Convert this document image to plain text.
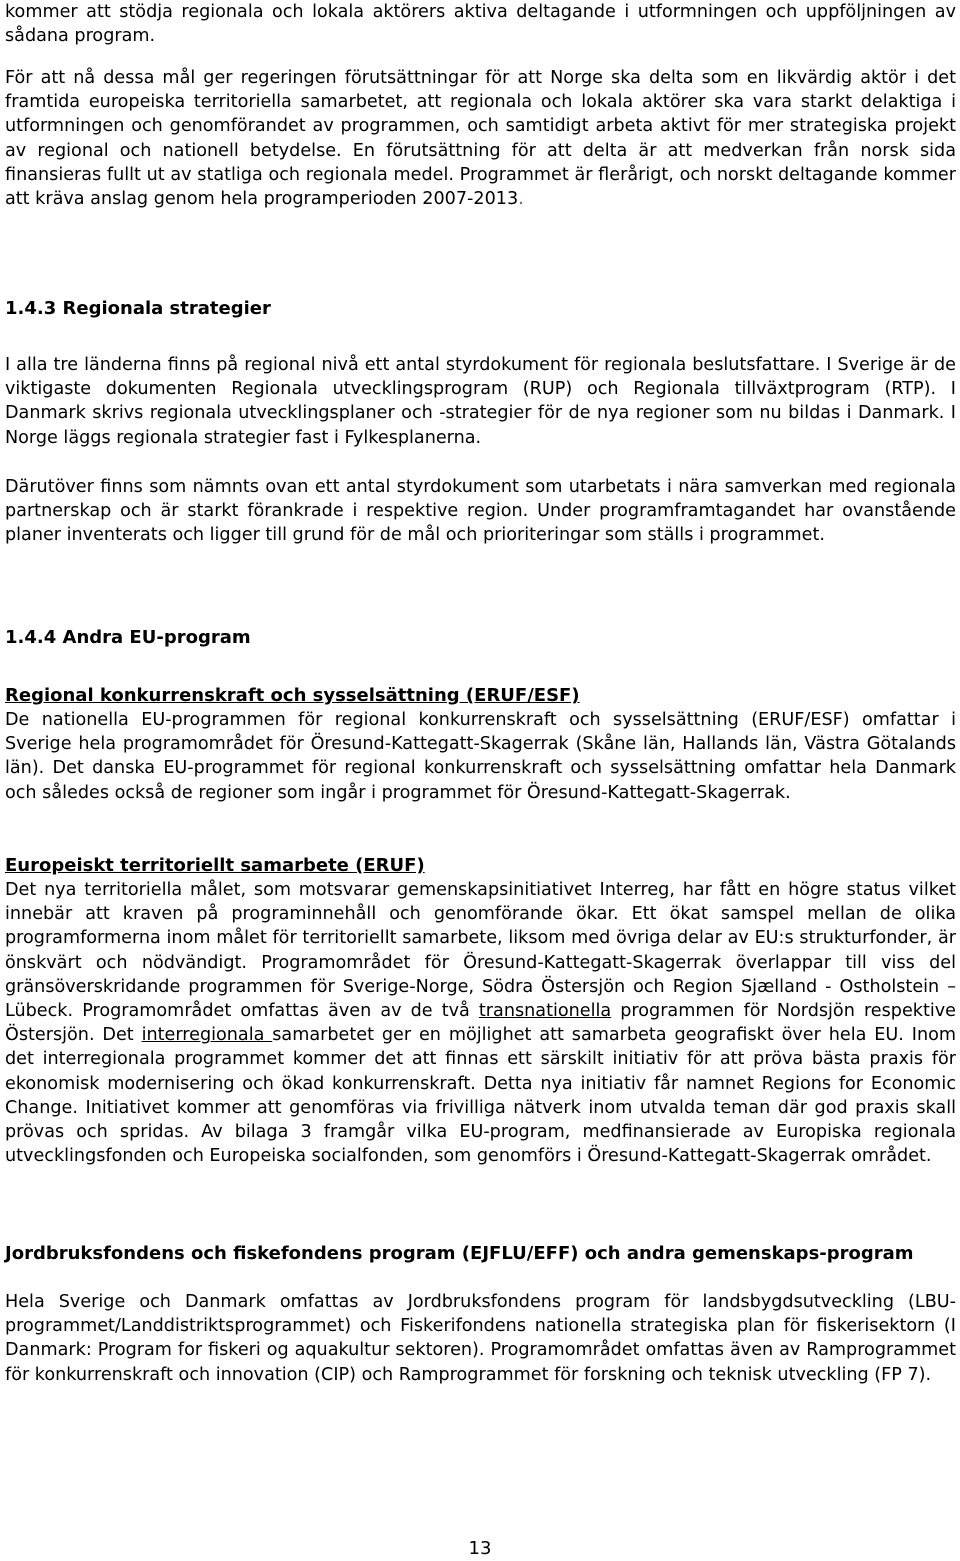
kommer att stödja regionala och lokala aktörers aktiva deltagande i utformningen och uppföljningen av sådana program.

För att nå dessa mål ger regeringen förutsättningar för att Norge ska delta som en likvärdig aktör i det framtida europeiska territoriella samarbetet, att regionala och lokala aktörer ska vara starkt delaktiga i utformningen och genomförandet av programmen, och samtidigt arbeta aktivt för mer strategiska projekt av regional och nationell betydelse. En förutsättning för att delta är att medverkan från norsk sida finansieras fullt ut av statliga och regionala medel. Programmet är flerårigt, och norskt deltagande kommer att kräva anslag genom hela programperioden 2007-2013.

1.4.3 Regionala strategier

I alla tre länderna finns på regional nivå ett antal styrdokument för regionala beslutsfattare. I Sverige är de viktigaste dokumenten Regionala utvecklingsprogram (RUP) och Regionala tillväxtprogram (RTP). I Danmark skrivs regionala utvecklingsplaner och -strategier för de nya regioner som nu bildas i Danmark. I Norge läggs regionala strategier fast i Fylkesplanerna.

Därutöver finns som nämnts ovan ett antal styrdokument som utarbetats i nära samverkan med regionala partnerskap och är starkt förankrade i respektive region. Under programframtagandet har ovanstående planer inventerats och ligger till grund för de mål och prioriteringar som ställs i programmet.

1.4.4 Andra EU-program
Regional konkurrenskraft och sysselsättning (ERUF/ESF)

De nationella EU-programmen för regional konkurrenskraft och sysselsättning (ERUF/ESF) omfattar i Sverige hela programområdet för Öresund-Kattegatt-Skagerrak (Skåne län, Hallands län, Västra Götalands län). Det danska EU-programmet för regional konkurrenskraft och sysselsättning omfattar hela Danmark och således också de regioner som ingår i programmet för Öresund-Kattegatt-Skagerrak.

Europeiskt territoriellt samarbete (ERUF)

Det nya territoriella målet, som motsvarar gemenskapsinitiativet Interreg, har fått en högre status vilket innebär att kraven på programinnehåll och genomförande ökar. Ett ökat samspel mellan de olika programformerna inom målet för territoriellt samarbete, liksom med övriga delar av EU:s strukturfonder, är önskvärt och nödvändigt. Programområdet för Öresund-Kattegatt-Skagerrak överlappar till viss del gränsöverskridande programmen för Sverige-Norge, Södra Östersjön och Region Sjælland - Ostholstein – Lübeck. Programområdet omfattas även av de två transnationella programmen för Nordsjön respektive Östersjön. Det interregionala samarbetet ger en möjlighet att samarbeta geografiskt över hela EU. Inom det interregionala programmet kommer det att finnas ett särskilt initiativ för att pröva bästa praxis för ekonomisk modernisering och ökad konkurrenskraft. Detta nya initiativ får namnet Regions for Economic Change. Initiativet kommer att genomföras via frivilliga nätverk inom utvalda teman där god praxis skall prövas och spridas. Av bilaga 3 framgår vilka EU-program, medfinansierade av Europiska regionala utvecklingsfonden och Europeiska socialfonden, som genomförs i Öresund-Kattegatt-Skagerrak området.

Jordbruksfondens och fiskefondens program (EJFLU/EFF) och andra gemenskaps-program

Hela Sverige och Danmark omfattas av Jordbruksfondens program för landsbygdsutveckling (LBU-programmet/Landdistriktsprogrammet) och Fiskerifondens nationella strategiska plan för fiskerisektorn (I Danmark: Program for fiskeri og aquakultur sektoren). Programområdet omfattas även av Ramprogrammet för konkurrenskraft och innovation (CIP) och Ramprogrammet för forskning och teknisk utveckling (FP 7).

13
